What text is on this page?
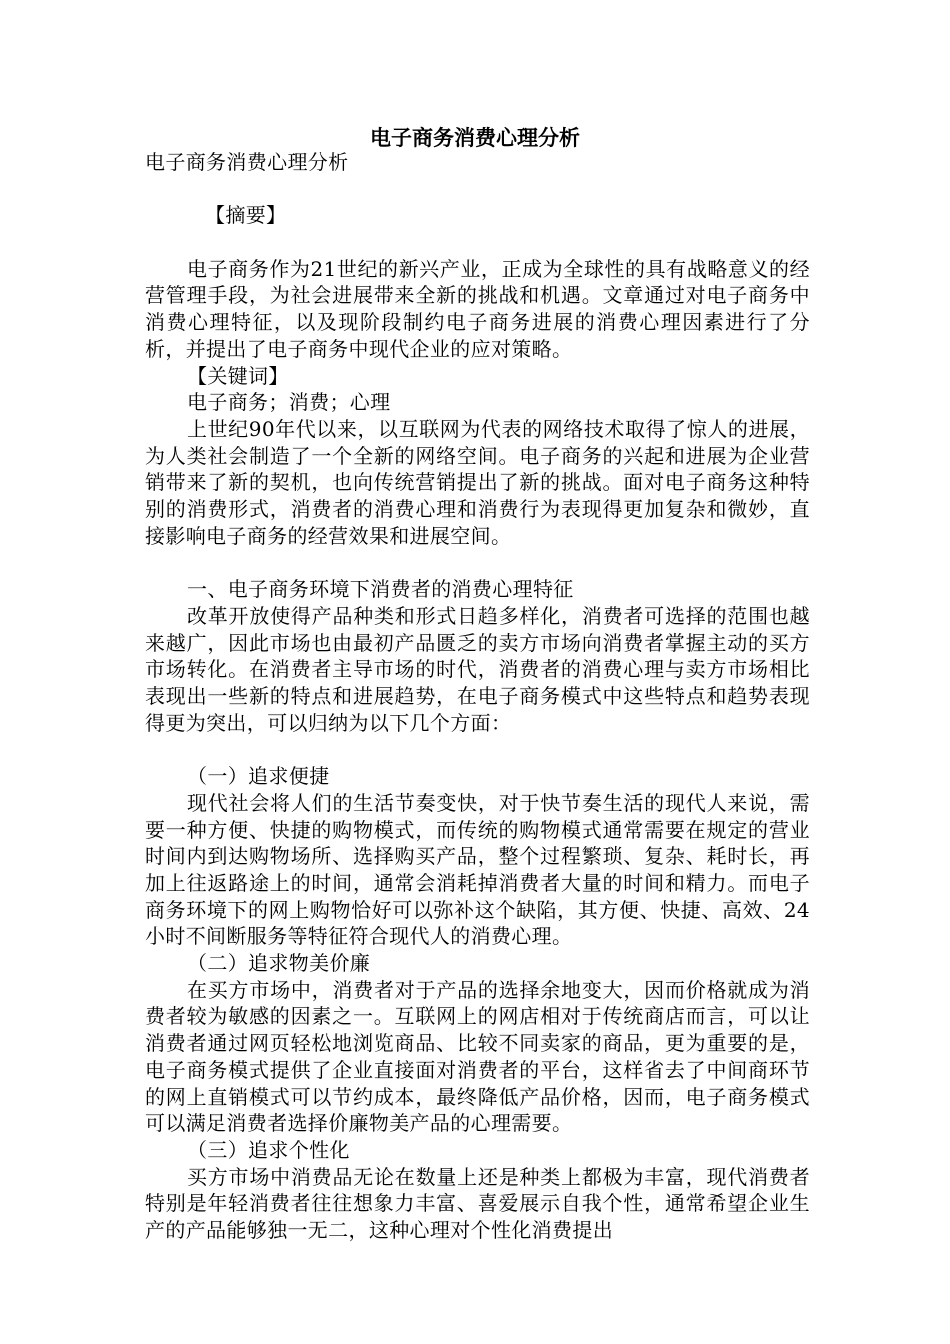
电子商务消费心理分析

电子商务消费心理分析

【摘要】

电子商务作为21世纪的新兴产业，正成为全球性的具有战略意义的经营管理手段，为社会进展带来全新的挑战和机遇。文章通过对电子商务中消费心理特征，以及现阶段制约电子商务进展的消费心理因素进行了分析，并提出了电子商务中现代企业的应对策略。

【关键词】

电子商务；消费；心理

上世纪90年代以来，以互联网为代表的网络技术取得了惊人的进展，为人类社会制造了一个全新的网络空间。电子商务的兴起和进展为企业营销带来了新的契机，也向传统营销提出了新的挑战。面对电子商务这种特别的消费形式，消费者的消费心理和消费行为表现得更加复杂和微妙，直接影响电子商务的经营效果和进展空间。

一、电子商务环境下消费者的消费心理特征

改革开放使得产品种类和形式日趋多样化，消费者可选择的范围也越来越广，因此市场也由最初产品匮乏的卖方市场向消费者掌握主动的买方市场转化。在消费者主导市场的时代，消费者的消费心理与卖方市场相比表现出一些新的特点和进展趋势，在电子商务模式中这些特点和趋势表现得更为突出，可以归纳为以下几个方面：

（一）追求便捷

现代社会将人们的生活节奏变快，对于快节奏生活的现代人来说，需要一种方便、快捷的购物模式，而传统的购物模式通常需要在规定的营业时间内到达购物场所、选择购买产品，整个过程繁琐、复杂、耗时长，再加上往返路途上的时间，通常会消耗掉消费者大量的时间和精力。而电子商务环境下的网上购物恰好可以弥补这个缺陷，其方便、快捷、高效、24小时不间断服务等特征符合现代人的消费心理。

（二）追求物美价廉

在买方市场中，消费者对于产品的选择余地变大，因而价格就成为消费者较为敏感的因素之一。互联网上的网店相对于传统商店而言，可以让消费者通过网页轻松地浏览商品、比较不同卖家的商品，更为重要的是，电子商务模式提供了企业直接面对消费者的平台，这样省去了中间商环节的网上直销模式可以节约成本，最终降低产品价格，因而，电子商务模式可以满足消费者选择价廉物美产品的心理需要。

（三）追求个性化

买方市场中消费品无论在数量上还是种类上都极为丰富，现代消费者特别是年轻消费者往往想象力丰富、喜爱展示自我个性，通常希望企业生产的产品能够独一无二，这种心理对个性化消费提出
